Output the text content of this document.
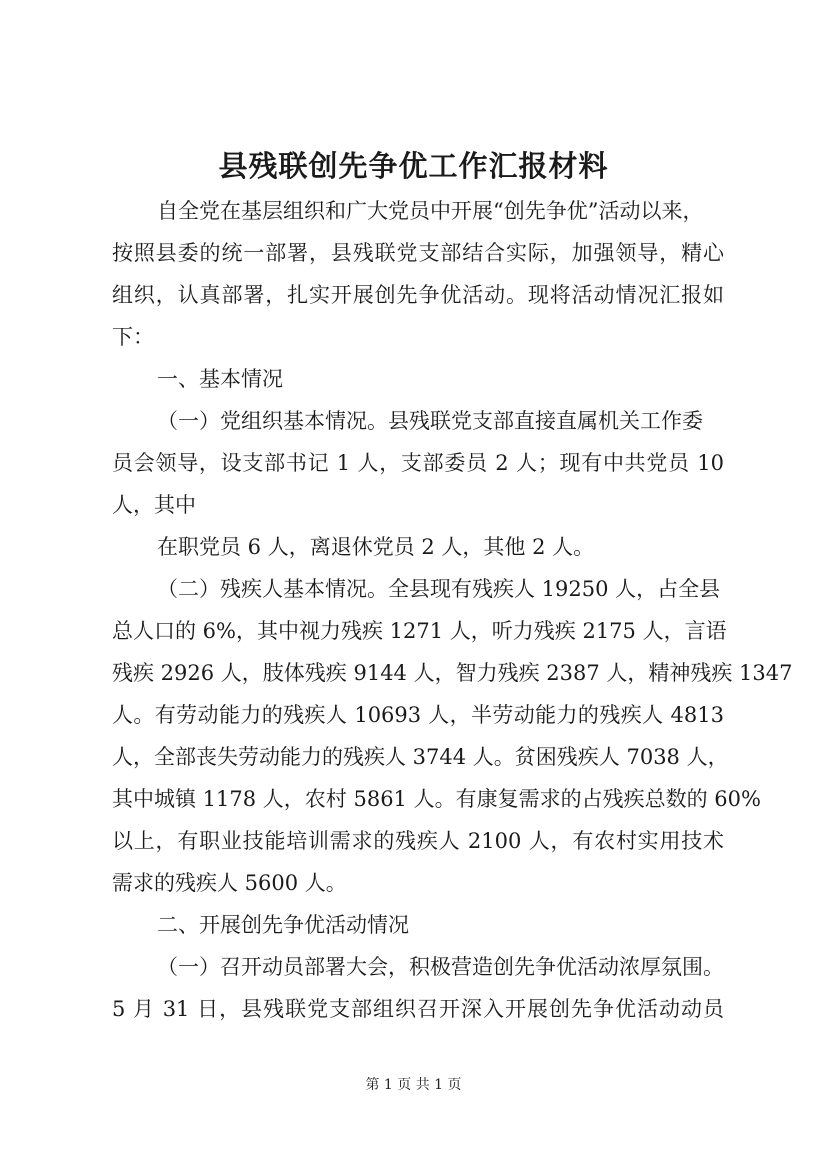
县残联创先争优工作汇报材料
自全党在基层组织和广大党员中开展“创先争优”活动以来，
按照县委的统一部署，县残联党支部结合实际，加强领导，精心
组织，认真部署，扎实开展创先争优活动。现将活动情况汇报如
下：
一、基本情况
（一）党组织基本情况。县残联党支部直接直属机关工作委
员会领导，设支部书记 1 人，支部委员 2 人；现有中共党员 10
人，其中
在职党员 6 人，离退休党员 2 人，其他 2 人。
（二）残疾人基本情况。全县现有残疾人 19250 人，占全县
总人口的 6%，其中视力残疾 1271 人，听力残疾 2175 人，言语
残疾 2926 人，肢体残疾 9144 人，智力残疾 2387 人，精神残疾 1347
人。有劳动能力的残疾人 10693 人，半劳动能力的残疾人 4813
人，全部丧失劳动能力的残疾人 3744 人。贫困残疾人 7038 人，
其中城镇 1178 人，农村 5861 人。有康复需求的占残疾总数的 60%
以上，有职业技能培训需求的残疾人 2100 人，有农村实用技术
需求的残疾人 5600 人。
二、开展创先争优活动情况
（一）召开动员部署大会，积极营造创先争优活动浓厚氛围。
5 月 31 日，县残联党支部组织召开深入开展创先争优活动动员
第 1 页 共 1 页
